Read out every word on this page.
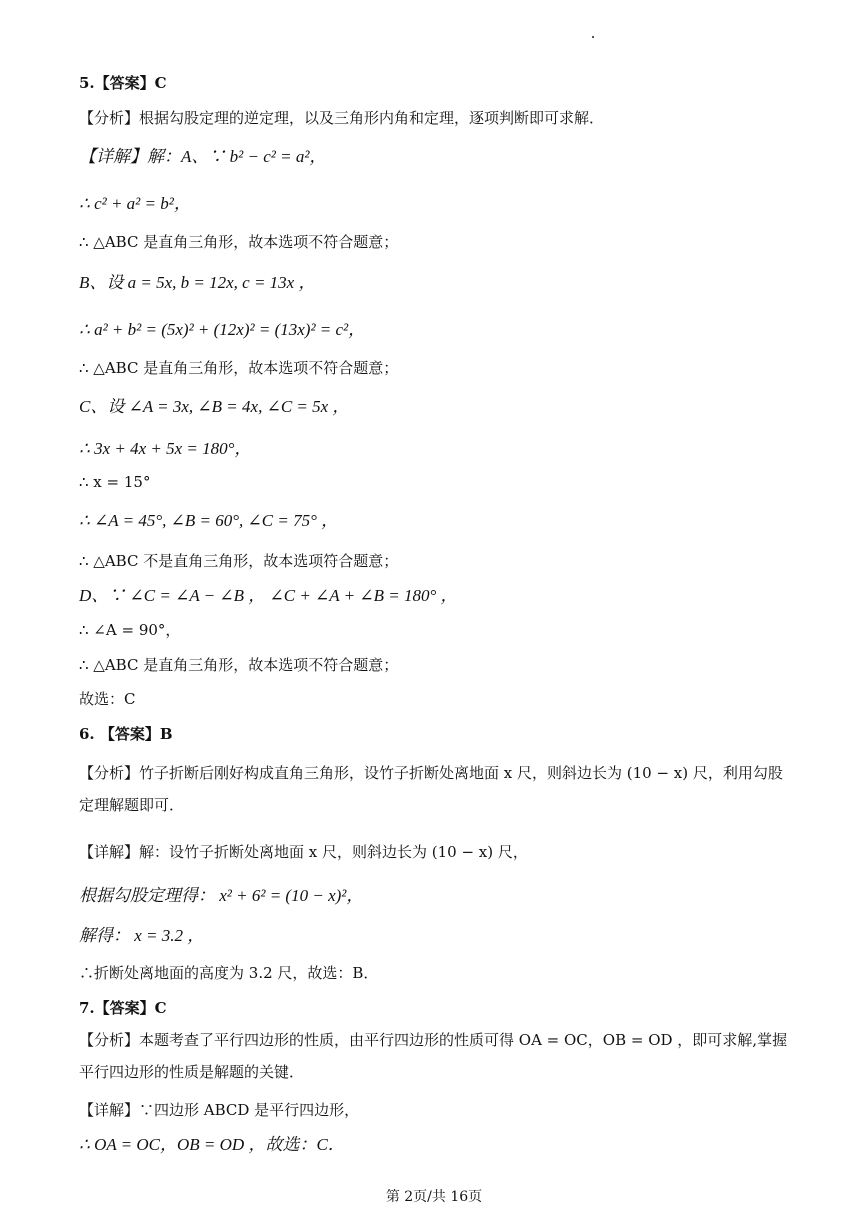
5.【答案】C
【分析】根据勾股定理的逆定理，以及三角形内角和定理，逐项判断即可求解．
【详解】解：A、∵ b² − c² = a²，
∴ c² + a² = b²，
∴ △ABC 是直角三角形，故本选项不符合题意；
B、设 a = 5x, b = 12x, c = 13x ，
∴ a² + b² = (5x)² + (12x)² = (13x)² = c²，
∴ △ABC 是直角三角形，故本选项不符合题意；
C、设 ∠A = 3x, ∠B = 4x, ∠C = 5x ，
∴ 3x + 4x + 5x = 180°，
∴ x = 15°
∴ ∠A = 45°, ∠B = 60°, ∠C = 75° ，
∴ △ABC 不是直角三角形，故本选项符合题意；
D、∵ ∠C = ∠A − ∠B ， ∠C + ∠A + ∠B = 180° ，
∴ ∠A = 90°，
∴ △ABC 是直角三角形，故本选项不符合题意；
故选：C
6. 【答案】B
【分析】竹子折断后刚好构成直角三角形，设竹子折断处离地面 x 尺，则斜边长为 (10 − x) 尺，利用勾股定理解题即可．
【详解】解：设竹子折断处离地面 x 尺，则斜边长为 (10 − x) 尺，
根据勾股定理得： x² + 6² = (10 − x)²，
解得： x = 3.2 ，
∴折断处离地面的高度为 3.2 尺，故选：B．
7.【答案】C
【分析】本题考查了平行四边形的性质，由平行四边形的性质可得 OA = OC，OB = OD ，即可求解,掌握平行四边形的性质是解题的关键．
【详解】∵四边形 ABCD 是平行四边形，
∴ OA = OC，OB = OD ，故选：C．
第 2页/共 16页
